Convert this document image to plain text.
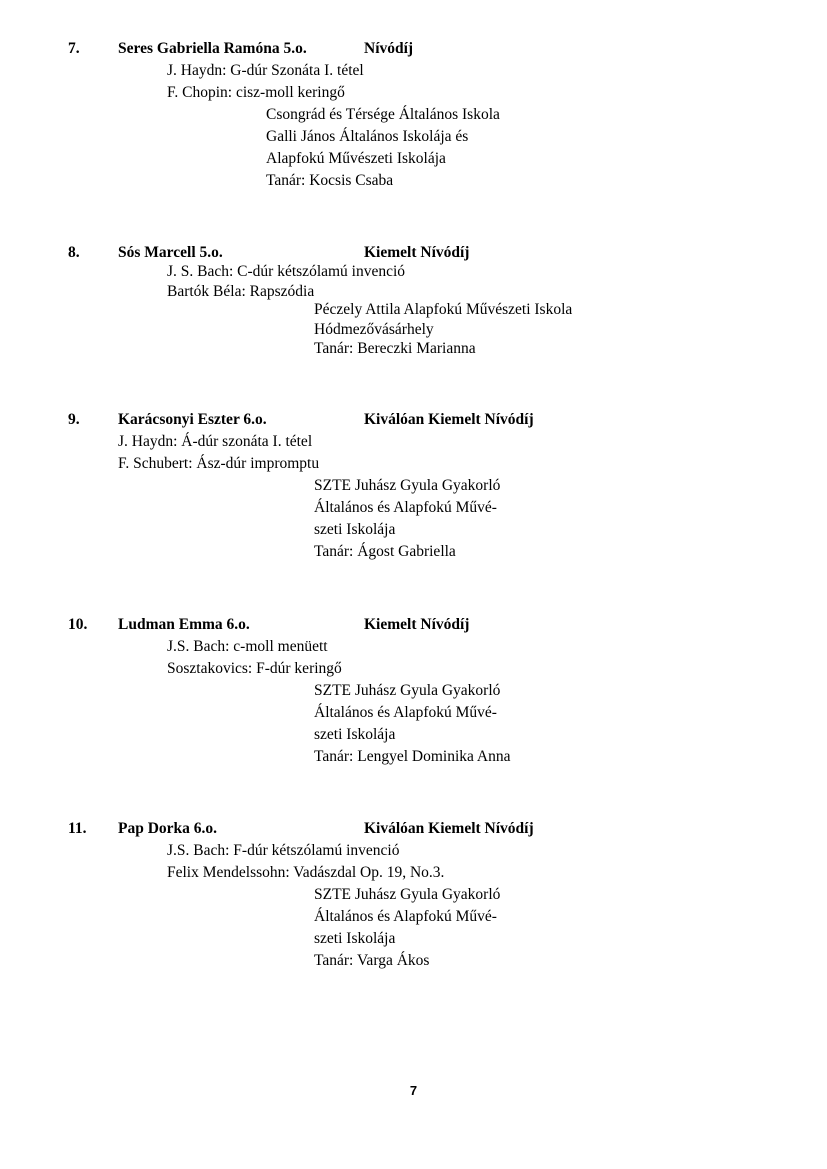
7. Seres Gabriella Ramóna 5.o.	Nívódíj
J. Haydn: G-dúr Szonáta I. tétel
F. Chopin: cisz-moll keringő
Csongrád és Térsége Általános Iskola
Galli János Általános Iskolája és
Alapfokú Művészeti Iskolája
Tanár: Kocsis Csaba
8. Sós Marcell 5.o.	Kiemelt Nívódíj
J. S. Bach: C-dúr kétszólamú invenció
Bartók Béla: Rapszódia
Péczely Attila Alapfokú Művészeti Iskola
Hódmezővásárhely
Tanár: Bereczki Marianna
9. Karácsonyi Eszter 6.o.	Kiválóan Kiemelt Nívódíj
J. Haydn: Á-dúr szonáta I. tétel
F. Schubert: Ász-dúr impromptu
SZTE Juhász Gyula Gyakorló
Általános és Alapfokú Művé-
szeti Iskolája
Tanár: Ágost Gabriella
10. Ludman Emma 6.o.	Kiemelt Nívódíj
J.S. Bach: c-moll menüett
Sosztakovics: F-dúr keringő
SZTE Juhász Gyula Gyakorló
Általános és Alapfokú Művé-
szeti Iskolája
Tanár: Lengyel Dominika Anna
11. Pap Dorka 6.o.	Kiválóan Kiemelt Nívódíj
J.S. Bach: F-dúr kétszólamú invenció
Felix Mendelssohn: Vadászdal Op. 19, No.3.
SZTE Juhász Gyula Gyakorló
Általános és Alapfokú Művé-
szeti Iskolája
Tanár: Varga Ákos
7
